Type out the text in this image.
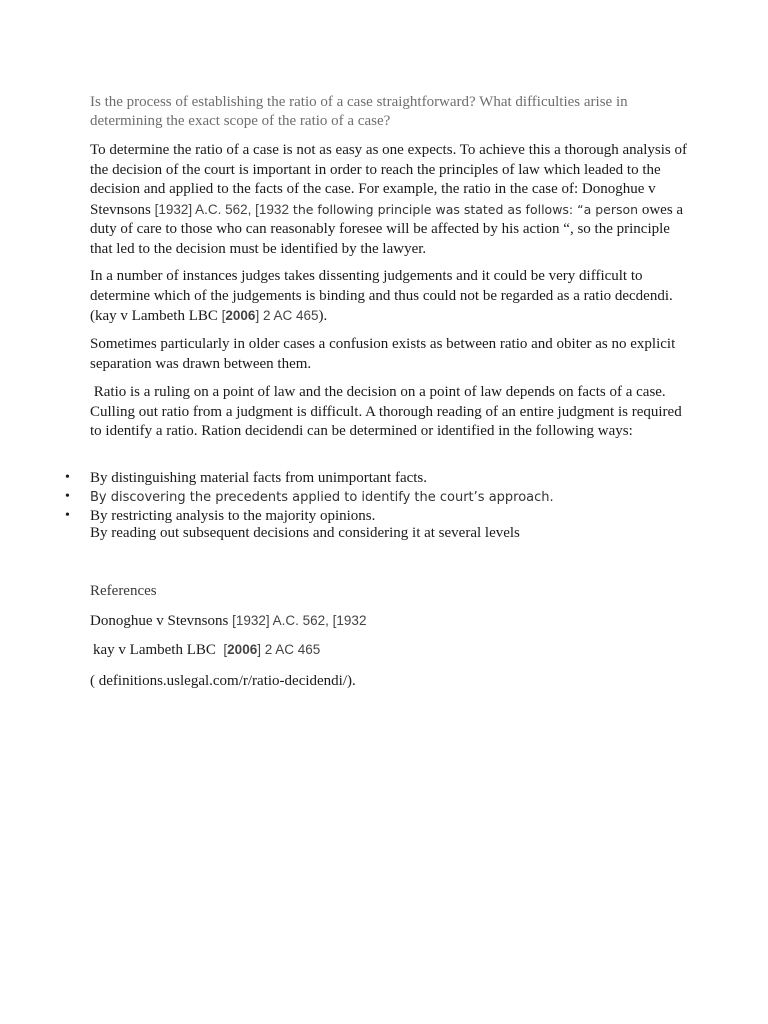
Is the process of establishing the ratio of a case straightforward? What difficulties arise in determining the exact scope of the ratio of a case?

To determine the ratio of a case is not as easy as one expects. To achieve this a thorough analysis of the decision of the court is important in order to reach the principles of law which leaded to the decision and applied to the facts of the case. For example, the ratio in the case of: Donoghue v Stevnsons [1932] A.C. 562, [1932 the following principle was stated as follows: “a person owes a duty of care to those who can reasonably foresee will be affected by his action “, so the principle that led to the decision must be identified by the lawyer.

In a number of instances judges takes dissenting judgements and it could be very difficult to determine which of the judgements is binding and thus could not be regarded as a ratio decdendi. (kay v Lambeth LBC [2006] 2 AC 465).

Sometimes particularly in older cases a confusion exists as between ratio and obiter as no explicit separation was drawn between them.

Ratio is a ruling on a point of law and the decision on a point of law depends on facts of a case. Culling out ratio from a judgment is difficult. A thorough reading of an entire judgment is required to identify a ratio. Ration decidendi can be determined or identified in the following ways:

• By distinguishing material facts from unimportant facts.
• By discovering the precedents applied to identify the court’s approach.
• By restricting analysis to the majority opinions.

By reading out subsequent decisions and considering it at several levels

References

Donoghue v Stevnsons [1932] A.C. 562, [1932

kay v Lambeth LBC  [2006] 2 AC 465

( definitions.uslegal.com/r/ratio-decidendi/).
